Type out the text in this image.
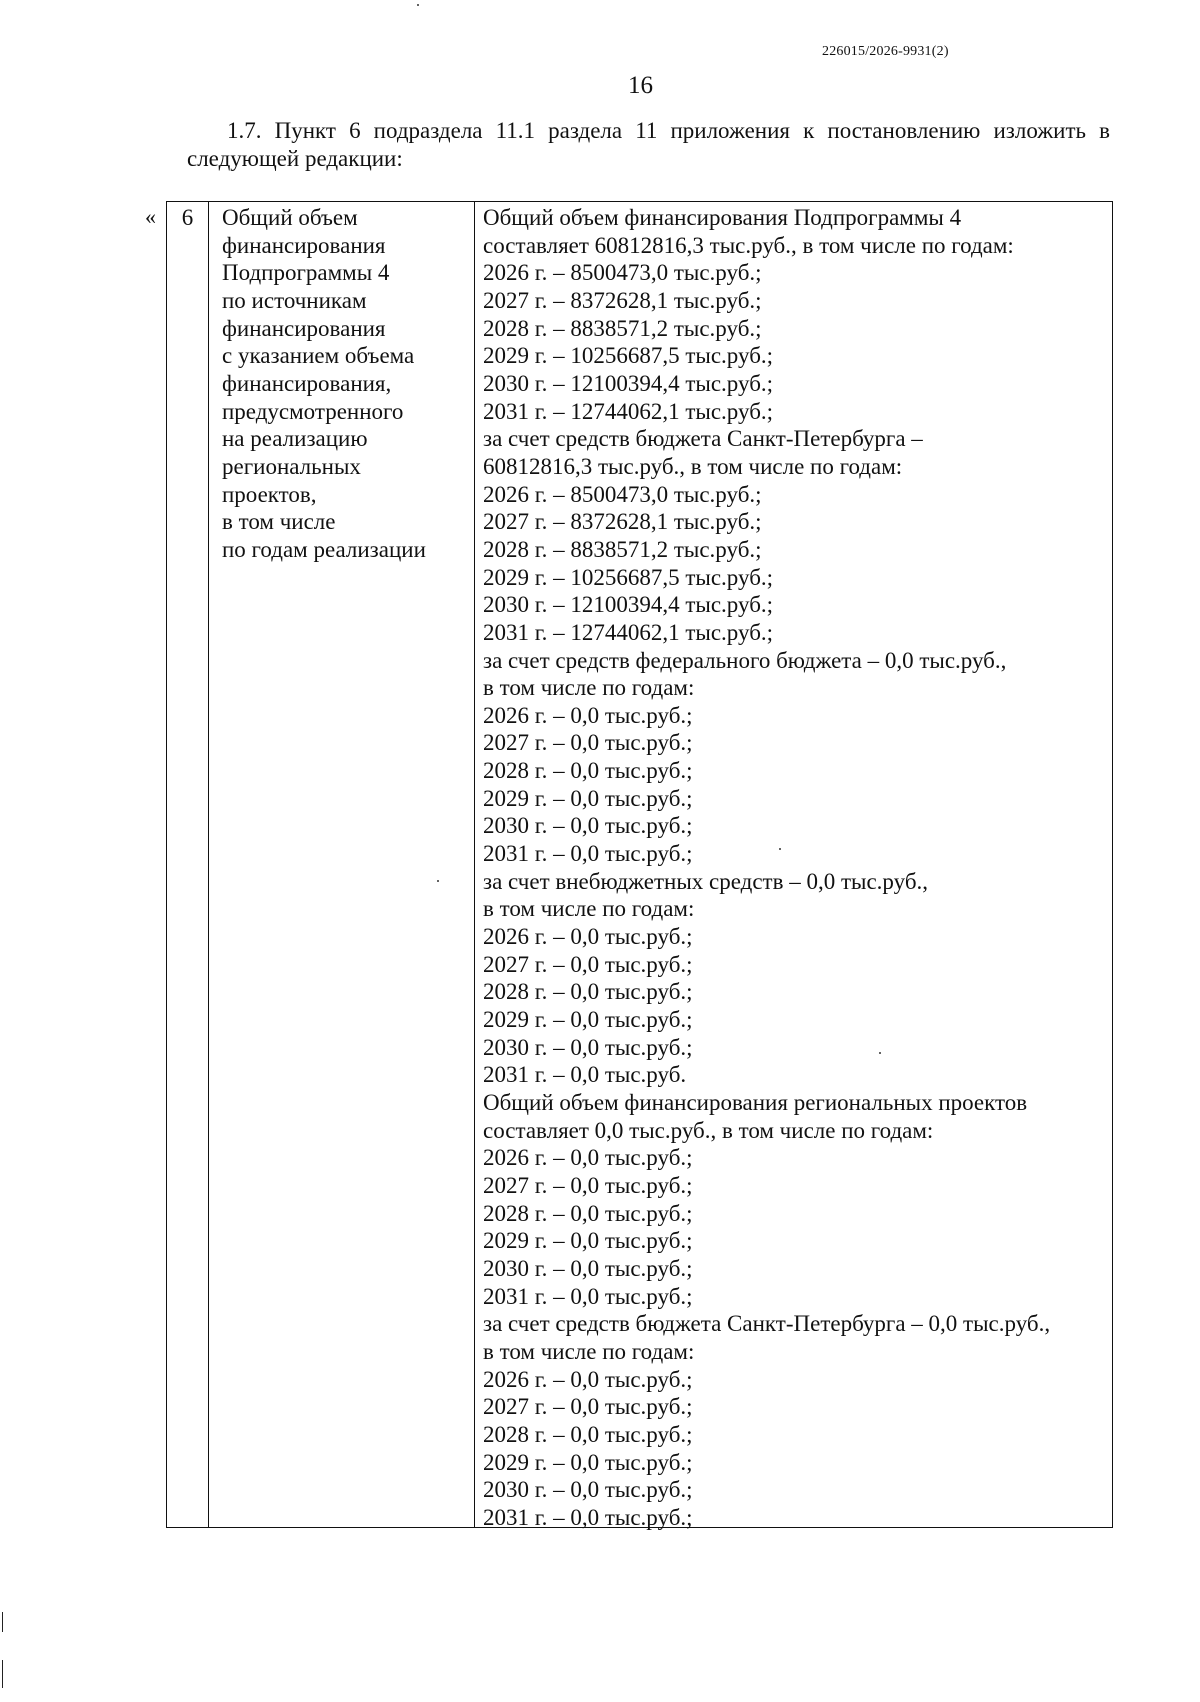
226015/2026-9931(2)
16
1.7. Пункт 6 подраздела 11.1 раздела 11 приложения к постановлению изложить в следующей редакции:
«	6	Общий объем
финансирования
Подпрограммы 4
по источникам
финансирования
с указанием объема
финансирования,
предусмотренного
на реализацию
региональных
проектов,
в том числе
по годам реализации
Общий объем финансирования Подпрограммы 4
составляет 60812816,3 тыс.руб., в том числе по годам:
2026 г. – 8500473,0 тыс.руб.;
2027 г. – 8372628,1 тыс.руб.;
2028 г. – 8838571,2 тыс.руб.;
2029 г. – 10256687,5 тыс.руб.;
2030 г. – 12100394,4 тыс.руб.;
2031 г. – 12744062,1 тыс.руб.;
за счет средств бюджета Санкт-Петербурга –
60812816,3 тыс.руб., в том числе по годам:
2026 г. – 8500473,0 тыс.руб.;
2027 г. – 8372628,1 тыс.руб.;
2028 г. – 8838571,2 тыс.руб.;
2029 г. – 10256687,5 тыс.руб.;
2030 г. – 12100394,4 тыс.руб.;
2031 г. – 12744062,1 тыс.руб.;
за счет средств федерального бюджета – 0,0 тыс.руб.,
в том числе по годам:
2026 г. – 0,0 тыс.руб.;
2027 г. – 0,0 тыс.руб.;
2028 г. – 0,0 тыс.руб.;
2029 г. – 0,0 тыс.руб.;
2030 г. – 0,0 тыс.руб.;
2031 г. – 0,0 тыс.руб.;
за счет внебюджетных средств – 0,0 тыс.руб.,
в том числе по годам:
2026 г. – 0,0 тыс.руб.;
2027 г. – 0,0 тыс.руб.;
2028 г. – 0,0 тыс.руб.;
2029 г. – 0,0 тыс.руб.;
2030 г. – 0,0 тыс.руб.;
2031 г. – 0,0 тыс.руб.
Общий объем финансирования региональных проектов
составляет 0,0 тыс.руб., в том числе по годам:
2026 г. – 0,0 тыс.руб.;
2027 г. – 0,0 тыс.руб.;
2028 г. – 0,0 тыс.руб.;
2029 г. – 0,0 тыс.руб.;
2030 г. – 0,0 тыс.руб.;
2031 г. – 0,0 тыс.руб.;
за счет средств бюджета Санкт-Петербурга – 0,0 тыс.руб.,
в том числе по годам:
2026 г. – 0,0 тыс.руб.;
2027 г. – 0,0 тыс.руб.;
2028 г. – 0,0 тыс.руб.;
2029 г. – 0,0 тыс.руб.;
2030 г. – 0,0 тыс.руб.;
2031 г. – 0,0 тыс.руб.;
